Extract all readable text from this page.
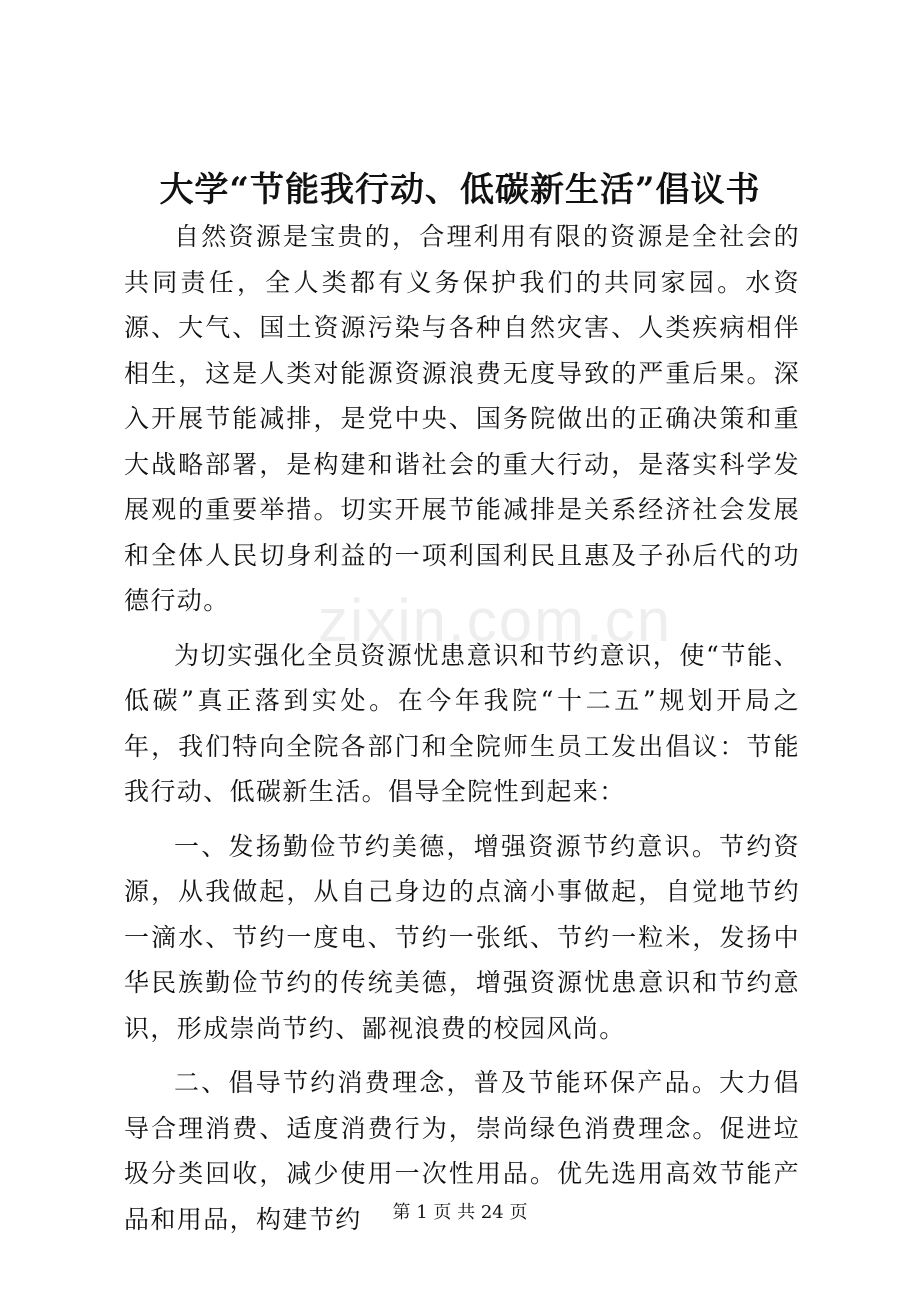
大学“节能我行动、低碳新生活”倡议书

自然资源是宝贵的，合理利用有限的资源是全社会的共同责任，全人类都有义务保护我们的共同家园。水资源、大气、国土资源污染与各种自然灾害、人类疾病相伴相生，这是人类对能源资源浪费无度导致的严重后果。深入开展节能减排，是党中央、国务院做出的正确决策和重大战略部署，是构建和谐社会的重大行动，是落实科学发展观的重要举措。切实开展节能减排是关系经济社会发展和全体人民切身利益的一项利国利民且惠及子孙后代的功德行动。

为切实强化全员资源忧患意识和节约意识，使“节能、低碳”真正落到实处。在今年我院“十二五”规划开局之年，我们特向全院各部门和全院师生员工发出倡议：节能我行动、低碳新生活。倡导全院性到起来：

一、发扬勤俭节约美德，增强资源节约意识。节约资源，从我做起，从自己身边的点滴小事做起，自觉地节约一滴水、节约一度电、节约一张纸、节约一粒米，发扬中华民族勤俭节约的传统美德，增强资源忧患意识和节约意识，形成崇尚节约、鄙视浪费的校园风尚。

二、倡导节约消费理念，普及节能环保产品。大力倡导合理消费、适度消费行为，崇尚绿色消费理念。促进垃圾分类回收，减少使用一次性用品。优先选用高效节能产品和用品，构建节约

zixin.com.cn
第 1 页 共 24 页
